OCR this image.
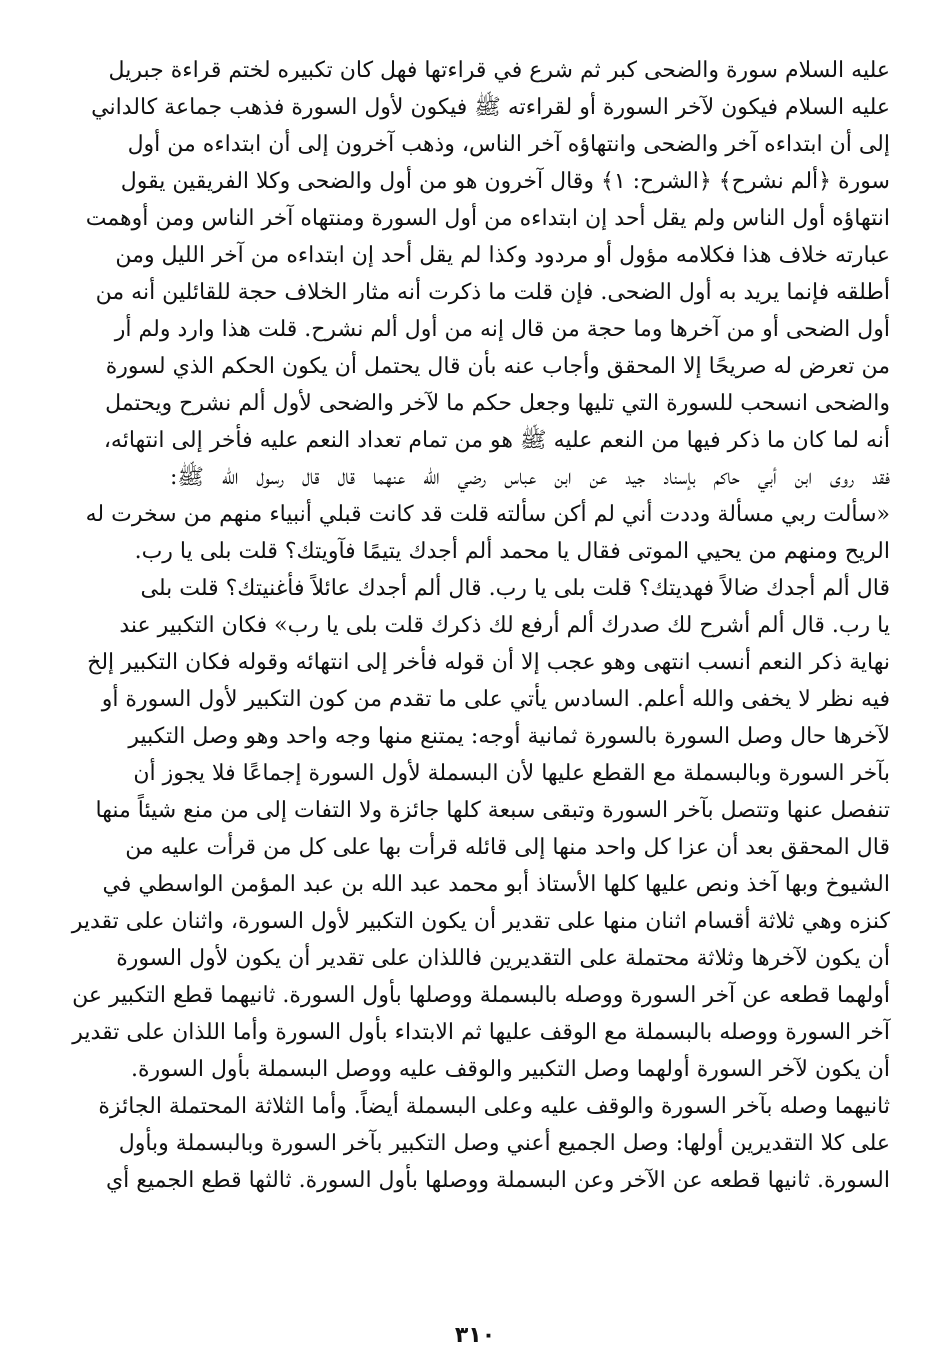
عليه السلام سورة والضحى كبر ثم شرع في قراءتها فهل كان تكبيره لختم قراءة جبريل
عليه السلام فيكون لآخر السورة أو لقراءته ﷺ فيكون لأول السورة فذهب جماعة كالداني
إلى أن ابتداءه آخر والضحى وانتهاؤه آخر الناس، وذهب آخرون إلى أن ابتداءه من أول
سورة ﴿ألم نشرح﴾ ﴿الشرح: ١﴾ وقال آخرون هو من أول والضحى وكلا الفريقين يقول
انتهاؤه أول الناس ولم يقل أحد إن ابتداءه من أول السورة ومنتهاه آخر الناس ومن أوهمت
عبارته خلاف هذا فكلامه مؤول أو مردود وكذا لم يقل أحد إن ابتداءه من آخر الليل ومن
أطلقه فإنما يريد به أول الضحى. فإن قلت ما ذكرت أنه مثار الخلاف حجة للقائلين أنه من
أول الضحى أو من آخرها وما حجة من قال إنه من أول ألم نشرح. قلت هذا وارد ولم أر
من تعرض له صريحًا إلا المحقق وأجاب عنه بأن قال يحتمل أن يكون الحكم الذي لسورة
والضحى انسحب للسورة التي تليها وجعل حكم ما لآخر والضحى لأول ألم نشرح ويحتمل
أنه لما كان ما ذكر فيها من النعم عليه ﷺ هو من تمام تعداد النعم عليه فأخر إلى انتهائه،
فقد روى ابن أبي حاكم بإسناد جيد عن ابن عباس رضي الله عنهما قال قال رسول الله ﷺ:
«سألت ربي مسألة وددت أني لم أكن سألته قلت قد كانت قبلي أنبياء منهم من سخرت له
الريح ومنهم من يحيي الموتى فقال يا محمد ألم أجدك يتيمًا فآويتك؟ قلت بلى يا رب.
قال ألم أجدك ضالاً فهديتك؟ قلت بلى يا رب. قال ألم أجدك عائلاً فأغنيتك؟ قلت بلى
يا رب. قال ألم أشرح لك صدرك ألم أرفع لك ذكرك قلت بلى يا رب» فكان التكبير عند
نهاية ذكر النعم أنسب انتهى وهو عجب إلا أن قوله فأخر إلى انتهائه وقوله فكان التكبير إلخ
فيه نظر لا يخفى والله أعلم. السادس يأتي على ما تقدم من كون التكبير لأول السورة أو
لآخرها حال وصل السورة بالسورة ثمانية أوجه: يمتنع منها وجه واحد وهو وصل التكبير
بآخر السورة وبالبسملة مع القطع عليها لأن البسملة لأول السورة إجماعًا فلا يجوز أن
تنفصل عنها وتتصل بآخر السورة وتبقى سبعة كلها جائزة ولا التفات إلى من منع شيئاً منها
قال المحقق بعد أن عزا كل واحد منها إلى قائله قرأت بها على كل من قرأت عليه من
الشيوخ وبها آخذ ونص عليها كلها الأستاذ أبو محمد عبد الله بن عبد المؤمن الواسطي في
كنزه وهي ثلاثة أقسام اثنان منها على تقدير أن يكون التكبير لأول السورة، واثنان على تقدير
أن يكون لآخرها وثلاثة محتملة على التقديرين فاللذان على تقدير أن يكون لأول السورة
أولهما قطعه عن آخر السورة ووصله بالبسملة ووصلها بأول السورة. ثانيهما قطع التكبير عن
آخر السورة ووصله بالبسملة مع الوقف عليها ثم الابتداء بأول السورة وأما اللذان على تقدير
أن يكون لآخر السورة أولهما وصل التكبير والوقف عليه ووصل البسملة بأول السورة.
ثانيهما وصله بآخر السورة والوقف عليه وعلى البسملة أيضاً. وأما الثلاثة المحتملة الجائزة
على كلا التقديرين أولها: وصل الجميع أعني وصل التكبير بآخر السورة وبالبسملة وبأول
السورة. ثانيها قطعه عن الآخر وعن البسملة ووصلها بأول السورة. ثالثها قطع الجميع أي
٣١٠
